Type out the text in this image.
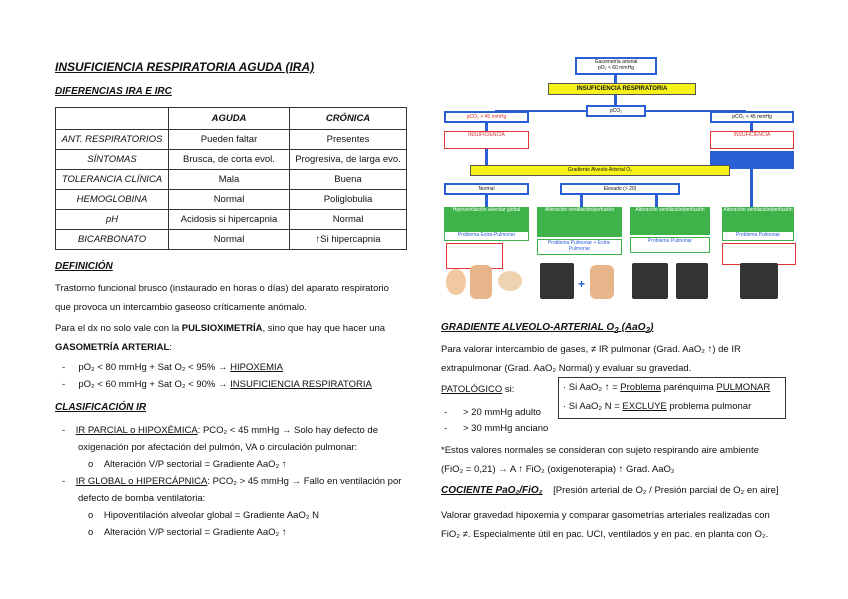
INSUFICIENCIA RESPIRATORIA AGUDA (IRA)
DIFERENCIAS IRA E IRC
	AGUDA	CRÓNICA
ANT. RESPIRATORIOS	Pueden faltar	Presentes
SÍNTOMAS	Brusca, de corta evol.	Progresiva, de larga evo.
TOLERANCIA CLÍNICA	Mala	Buena
HEMOGLOBINA	Normal	Poliglobulia
pH	Acidosis si hipercapnia	Normal
BICARBONATO	Normal	↑Si hipercapnia
DEFINICIÓN
Trastorno funcional brusco (instaurado en horas o días) del aparato respiratorio
que provoca un intercambio gaseoso críticamente anómalo.
Para el dx no solo vale con la PULSIOXIMETRÍA, sino que hay que hacer una
GASOMETRÍA ARTERIAL:
-     pO₂ < 80 mmHg + Sat O₂ < 95% → HIPOXEMIA
-     pO₂ < 60 mmHg + Sat O₂ < 90% → INSUFICIENCIA RESPIRATORIA
CLASIFICACIÓN IR
-    IR PARCIAL o HIPOXÉMICA: PCO₂ < 45 mmHg → Solo hay defecto de
oxigenación por afectación del pulmón, VA o circulación pulmonar:
o    Alteración V/P sectorial = Gradiente AaO₂ ↑
-    IR GLOBAL o HIPERCÁPNICA: PCO₂ > 45 mmHg → Fallo en ventilación por
defecto de bomba ventilatoria:
o    Hipoventilación alveolar global = Gradiente AaO₂ N
o    Alteración V/P sectorial = Gradiente AaO₂ ↑
Gasometría arterial
pO₂ < 60 mmHg
INSUFICIENCIA RESPIRATORIA
pCO₂
pCO₂ > 45 mmHg	pCO₂ < 45 mmHg
INSUFICIENCIA	INSUFICIENCIA
Gradiente Alveolo-Arterial O₂
Normal	Elevado (> 20)
Hipoventilación alveolar global
Problema Extra-Pulmonar
Alteración ventilación/perfusión
Problema Pulmonar + Extra-Pulmonar
Alteración ventilación/perfusión
Problema Pulmonar
Alteración ventilación/perfusión
Problema Pulmonar
+
GRADIENTE ALVEOLO-ARTERIAL $O_2$ (AaO$_2$)
Para valorar intercambio de gases, ≠ IR pulmonar (Grad. AaO₂ ↑) de IR
extrapulmonar (Grad. AaO₂ Normal) y evaluar su gravedad.
PATOLÓGICO si:
-      > 20 mmHg adulto
-      > 30 mmHg anciano
· Si AaO₂ ↑ = Problema parénquima PULMONAR
· Si AaO₂ N = EXCLUYE problema pulmonar
*Estos valores normales se consideran con sujeto respirando aire ambiente
(FiO₂ = 0,21) → A ↑ FiO₂ (oxigenoterapia) ↑ Grad. AaO₂
COCIENTE PaO₂/FiO₂ [Presión arterial de O₂ / Presión parcial de O₂ en aire]
Valorar gravedad hipoxemia y comparar gasometrías arteriales realizadas con
FiO₂ ≠. Especialmente útil en pac. UCI, ventilados y en pac. en planta con O₂.
